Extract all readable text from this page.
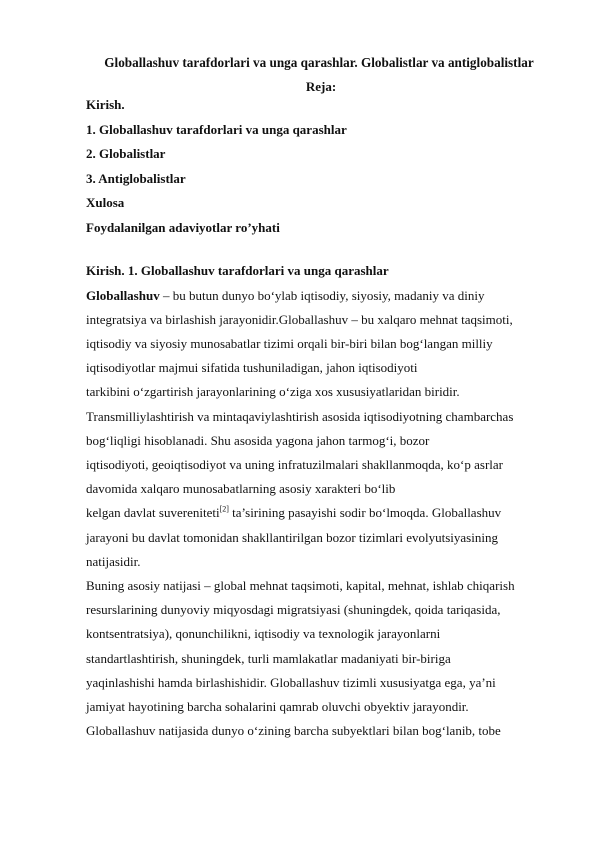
Globallashuv tarafdorlari va unga qarashlar. Globalistlar va antiglobalistlar
Reja:
Kirish.
1. Globallashuv tarafdorlari va unga qarashlar
2. Globalistlar
3. Antiglobalistlar
Xulosa
Foydalanilgan adaviyotlar ro’yhati
Kirish. 1. Globallashuv tarafdorlari va unga qarashlar
Globallashuv – bu butun dunyo bo‘ylab iqtisodiy, siyosiy, madaniy va diniy
integratsiya va birlashish jarayonidir.Globallashuv – bu xalqaro mehnat taqsimoti,
iqtisodiy va siyosiy munosabatlar tizimi orqali bir-biri bilan bog‘langan milliy
iqtisodiyotlar majmui sifatida tushuniladigan, jahon iqtisodiyoti
tarkibini o‘zgartirish jarayonlarining o‘ziga xos xususiyatlaridan biridir.
Transmilliylashtirish va mintaqaviylashtirish asosida iqtisodiyotning chambarchas
bog‘liqligi hisoblanadi. Shu asosida yagona jahon tarmog‘i, bozor
iqtisodiyoti, geoiqtisodiyot va uning infratuzilmalari shakllanmoqda, ko‘p asrlar
davomida xalqaro munosabatlarning asosiy xarakteri bo‘lib
kelgan davlat suvereniteti[2] ta’sirining pasayishi sodir bo‘lmoqda. Globallashuv
jarayoni bu davlat tomonidan shakllantirilgan bozor tizimlari evolyutsiyasining
natijasidir.
Buning asosiy natijasi – global mehnat taqsimoti, kapital, mehnat, ishlab chiqarish
resurslarining dunyoviy miqyosdagi migratsiyasi (shuningdek, qoida tariqasida,
kontsentratsiya), qonunchilikni, iqtisodiy va texnologik jarayonlarni
standartlashtirish, shuningdek, turli mamlakatlar madaniyati bir-biriga
yaqinlashishi hamda birlashishidir. Globallashuv tizimli xususiyatga ega, ya’ni
jamiyat hayotining barcha sohalarini qamrab oluvchi obyektiv jarayondir.
Globallashuv natijasida dunyo o‘zining barcha subyektlari bilan bog‘lanib, tobe
